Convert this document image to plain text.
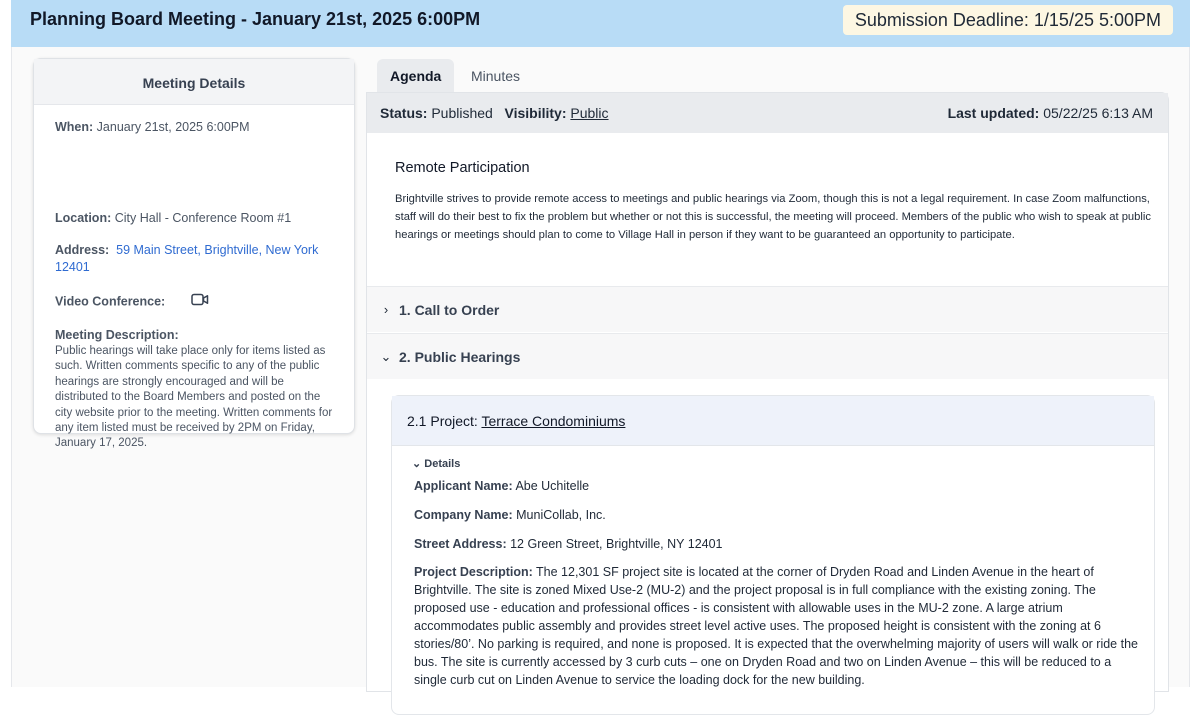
Planning Board Meeting - January 21st, 2025 6:00PM	Submission Deadline: 1/15/25 5:00PM
Meeting Details
When: January 21st, 2025 6:00PM
Location: City Hall - Conference Room #1
Address: 59 Main Street, Brightville, New York 12401
Video Conference:
Meeting Description:
Public hearings will take place only for items listed as such. Written comments specific to any of the public hearings are strongly encouraged and will be distributed to the Board Members and posted on the city website prior to the meeting. Written comments for any item listed must be received by 2PM on Friday, January 17, 2025.
Agenda	Minutes
Status: Published Visibility: Public	Last updated: 05/22/25 6:13 AM
Remote Participation
Brightville strives to provide remote access to meetings and public hearings via Zoom, though this is not a legal requirement. In case Zoom malfunctions, staff will do their best to fix the problem but whether or not this is successful, the meeting will proceed. Members of the public who wish to speak at public hearings or meetings should plan to come to Village Hall in person if they want to be guaranteed an opportunity to participate.
› 1. Call to Order
⌄ 2. Public Hearings
2.1 Project: Terrace Condominiums
⌄ Details
Applicant Name: Abe Uchitelle
Company Name: MuniCollab, Inc.
Street Address: 12 Green Street, Brightville, NY 12401
Project Description: The 12,301 SF project site is located at the corner of Dryden Road and Linden Avenue in the heart of Brightville. The site is zoned Mixed Use-2 (MU-2) and the project proposal is in full compliance with the existing zoning. The proposed use - education and professional offices - is consistent with allowable uses in the MU-2 zone. A large atrium accommodates public assembly and provides street level active uses. The proposed height is consistent with the zoning at 6 stories/80’. No parking is required, and none is proposed. It is expected that the overwhelming majority of users will walk or ride the bus. The site is currently accessed by 3 curb cuts – one on Dryden Road and two on Linden Avenue – this will be reduced to a single curb cut on Linden Avenue to service the loading dock for the new building.
